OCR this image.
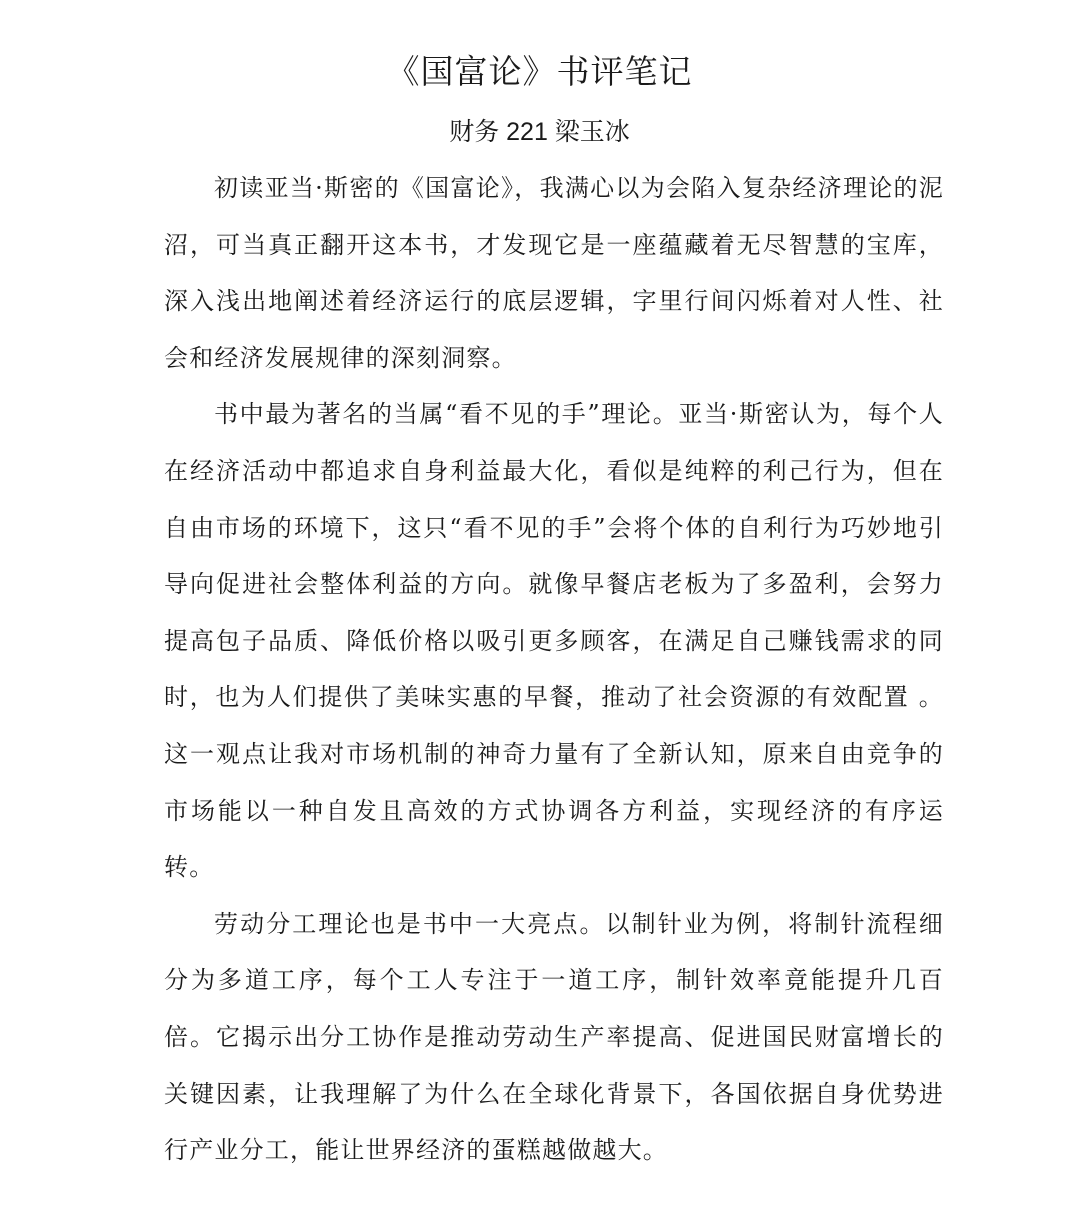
《国富论》书评笔记
财务 221 梁玉冰

初读亚当·斯密的《国富论》，我满心以为会陷入复杂经济理论的泥沼，可当真正翻开这本书，才发现它是一座蕴藏着无尽智慧的宝库，深入浅出地阐述着经济运行的底层逻辑，字里行间闪烁着对人性、社会和经济发展规律的深刻洞察。

书中最为著名的当属“看不见的手”理论。亚当·斯密认为，每个人在经济活动中都追求自身利益最大化，看似是纯粹的利己行为，但在自由市场的环境下，这只“看不见的手”会将个体的自利行为巧妙地引导向促进社会整体利益的方向。就像早餐店老板为了多盈利，会努力提高包子品质、降低价格以吸引更多顾客，在满足自己赚钱需求的同时，也为人们提供了美味实惠的早餐，推动了社会资源的有效配置 。这一观点让我对市场机制的神奇力量有了全新认知，原来自由竞争的市场能以一种自发且高效的方式协调各方利益，实现经济的有序运转。

劳动分工理论也是书中一大亮点。以制针业为例，将制针流程细分为多道工序，每个工人专注于一道工序，制针效率竟能提升几百倍。它揭示出分工协作是推动劳动生产率提高、促进国民财富增长的关键因素，让我理解了为什么在全球化背景下，各国依据自身优势进行产业分工，能让世界经济的蛋糕越做越大。
